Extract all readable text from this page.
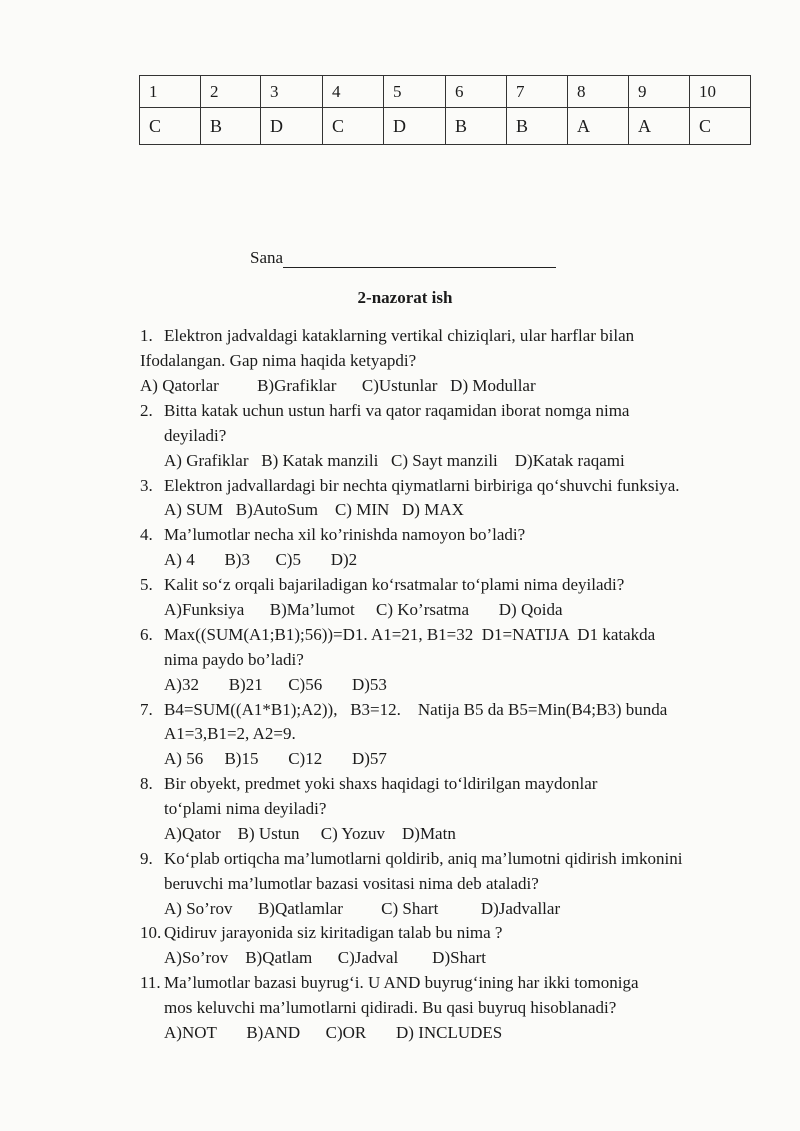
1	2	3	4	5	6	7	8	9	10
C	B	D	C	D	B	B	A	A	C
Sana
2-nazorat ish
1. Elektron jadvaldagi kataklarning vertikal chiziqlari, ular harflar bilan
Ifodalangan. Gap nima haqida ketyapdi?
A) Qatorlar         B)Grafiklar      C)Ustunlar   D) Modullar
2. Bitta katak uchun ustun harfi va qator raqamidan iborat nomga nima
deyiladi?
A) Grafiklar   B) Katak manzili   C) Sayt manzili    D)Katak raqami
3. Elektron jadvallardagi bir nechta qiymatlarni birbiriga qo‘shuvchi funksiya.
A) SUM   B)AutoSum    C) MIN   D) MAX
4. Ma’lumotlar necha xil ko’rinishda namoyon bo’ladi?
A) 4       B)3      C)5       D)2
5. Kalit so‘z orqali bajariladigan ko‘rsatmalar to‘plami nima deyiladi?
A)Funksiya      B)Ma’lumot     C) Ko’rsatma       D) Qoida
6. Max((SUM(A1;B1);56))=D1. A1=21, B1=32  D1=NATIJA  D1 katakda
nima paydo bo’ladi?
A)32       B)21      C)56       D)53
7. B4=SUM((A1*B1);A2)),   B3=12.    Natija B5 da B5=Min(B4;B3) bunda
A1=3,B1=2, A2=9.
A) 56     B)15       C)12       D)57
8. Bir obyekt, predmet yoki shaxs haqidagi to‘ldirilgan maydonlar
to‘plami nima deyiladi?
A)Qator    B) Ustun     C) Yozuv    D)Matn
9. Ko‘plab ortiqcha ma’lumotlarni qoldirib, aniq ma’lumotni qidirish imkonini
beruvchi ma’lumotlar bazasi vositasi nima deb ataladi?
A) So’rov      B)Qatlamlar         C) Shart          D)Jadvallar
10. Qidiruv jarayonida siz kiritadigan talab bu nima ?
A)So’rov    B)Qatlam      C)Jadval        D)Shart
11. Ma’lumotlar bazasi buyrug‘i. U AND buyrug‘ining har ikki tomoniga
mos keluvchi ma’lumotlarni qidiradi. Bu qasi buyruq hisoblanadi?
A)NOT       B)AND      C)OR       D) INCLUDES
